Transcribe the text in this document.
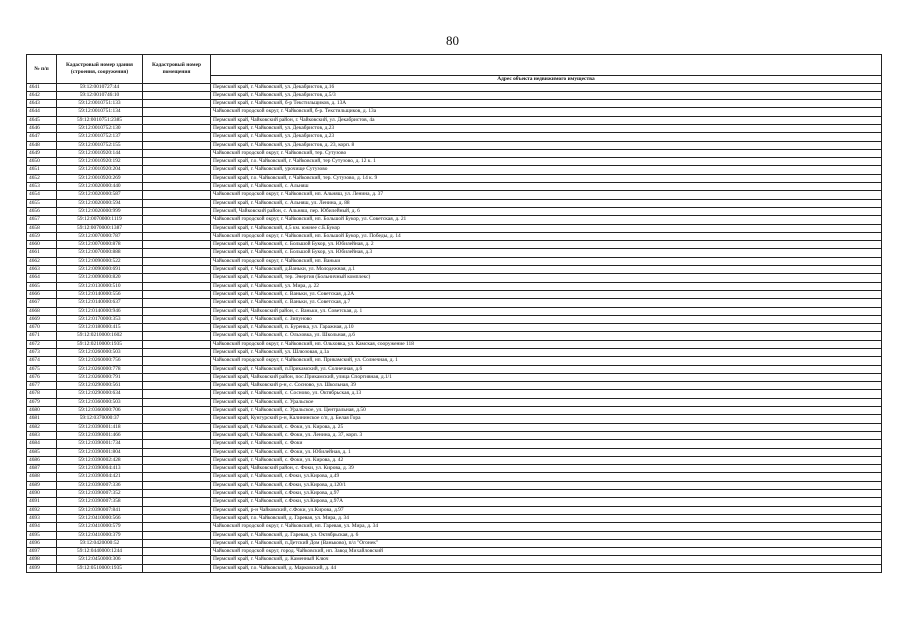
80
№ п/п	Кадастровый номер здания (строения, сооружения)	Кадастровый номер помещения	
			Адрес объекта недвижимого имущества
4641	59:12:0010727:44		Пермский край, г. Чайковский, ул. Декабристов, д.16
4642	59:12:0010746:10		Пермский край, г. Чайковский, ул. Декабристов, д.5/3
4643	59:12:0010751:133		Пермский край, г. Чайковский, б-р Текстильщиков, д. 13А
4644	59:12:0010751:134		Чайковский городской округ, г. Чайковский, б-р. Текстильщиков, д. 13а
4645	59:12:0010751:2385		Пермский край, Чайковский район, г. Чайковский, ул. Декабристов, 4а
4646	59:12:0010752:130		Пермский край, г. Чайковский, ул. Декабристов, д.23
4647	59:12:0010752:137		Пермский край, г. Чайковский, ул. Декабристов, д.23
4648	59:12:0010752:155		Пермский край, г. Чайковский, ул. Декабристов, д. 23, корп. 8
4649	59:12:0010920:144		Чайковский городской округ, г. Чайковский, тер. Сутузово
4650	59:12:0010920:192		Пермский край, г.о. Чайковский, г. Чайковский, тер Сутузово, д. 12 к. 1
4651	59:12:0010920:204		Пермский край, г. Чайковский, урочище Сутузово
4652	59:12:0010920:269		Пермский край, г.о. Чайковский, г. Чайковский, тер. Сутузово, д. 14 к. 9
4653	59:12:0020000:440		Пермский край, г. Чайковский, с. Альняш
4654	59:12:0020000:587		Чайковский городской округ, г. Чайковский, нп. Альняш, ул. Ленина, д. 37
4655	59:12:0020000:594		Пермский край, г. Чайковский, с. Альняш, ул. Ленина, д. 88
4656	59:12:0020000:999		Пермский, Чайковский район, с. Альняш, пер. Юбилейный, д. 6
4657	59:12:0070000:1119		Чайковский городской округ, г. Чайковский, нп. Большой Букор, ул. Советская, д. 21
4658	59:12:0070000:1387		Пермский край, г. Чайковский, 4,5 км. южнее с.Б.Букор
4659	59:12:0070000:787		Чайковский городской округ, г. Чайковский, нп. Большой Букор, ул. Победы, д. 14
4660	59:12:0070000:878		Пермский край, г. Чайковский, с. Большой Букор, ул. Юбилейная, д. 2
4661	59:12:0070000:888		Пермский край, г. Чайковский, с. Большой Букор, ул. Юбилейная, д.3
4662	59:12:0090000:522		Чайковский городской округ, г. Чайковский, нп. Ваньки
4663	59:12:0090000:691		Пермский край, г. Чайковский, д.Ваньки, ул. Молодежная, д.1
4664	59:12:0090000:820		Пермский край, г. Чайковский, тер. Энергия (Больничный комплекс)
4665	59:12:0130000:510		Пермский край, г. Чайковский, ул. Мира, д. 22
4666	59:12:0140000:556		Пермский край, г. Чайковский, с. Ваньки, ул. Советская, д.2А
4667	59:12:0140000:637		Пермский край, г. Чайковский, с. Ваньки, ул. Советская, д.7
4668	59:12:0140000:946		Пермский край, Чайковский район, с. Ваньки, ул. Советская, д. 1
4669	59:12:0170000:353		Пермский край, г. Чайковский, с. Зипуново
4670	59:12:0180000:415		Пермский край, г. Чайковский, п. Буренка, ул. Гаражная, д.10
4671	59:12:0210000:1602		Пермский край, г. Чайковский, с. Ольховка, ул. Школьная, д.6
4672	59:12:0210000:1935		Чайковский городской округ, г. Чайковский, нп. Ольховка, ул. Камская, сооружение 118
4673	59:12:0260000:503		Пермский край, г. Чайковский, ул. Шлюзовая, д.1а
4674	59:12:0260000:756		Чайковский городской округ, г. Чайковский, нп. Прикамский, ул. Солнечная, д. 1
4675	59:12:0260000:778		Пермский край, г. Чайковский, п.Прикамский, ул. Солнечная, д.6
4676	59:12:0260000:791		Пермский край, Чайковский район, пос.Прикамский, улица Спортивная, д.1/1
4677	59:12:0290000:561		Пермский край, Чайковский р-н, с. Сосново, ул. Школьная, 39
4678	59:12:0290000:634		Пермский край, г. Чайковский, с. Сосново, ул. Октябрьская, д.13
4679	59:12:0360000:503		Пермский край, г. Чайковский, с. Уральское
4680	59:12:0360000:706		Пермский край, г. Чайковский, с. Уральское, ул. Центральная, д.50
4681	59:12:0370000:37		Пермский край, Кунгурский р-н, Калининское с/п, д. Белая Гора
4682	59:12:0390001:418		Пермский край, г. Чайковский, с. Фоки, ул. Кирова, д. 25
4683	59:12:0390001:466		Пермский край, г. Чайковский, с. Фоки, ул. Ленина, д. 37, корп. 3
4684	59:12:0390001:734		Пермский край, г. Чайковский, с. Фоки
4685	59:12:0390001:804		Пермский край, г. Чайковский, с. Фоки, ул. Юбилейная, д. 1
4686	59:12:0390002:428		Пермский край, г. Чайковский, с. Фоки, ул. Кирова, д. 42
4687	59:12:0390004:413		Пермский край, Чайковский район, с. Фоки, ул. Кирова, д. 39
4688	59:12:0390004:421		Пермский край, г. Чайковский, с.Фоки, ул.Кирова, д.49
4689	59:12:0390007:336		Пермский край, г. Чайковский, с.Фоки, ул.Кирова, д.120/1
4690	59:12:0390007:352		Пермский край, г. Чайковский, с.Фоки, ул.Кирова, д.97
4691	59:12:0390007:358		Пермский край, г. Чайковский, с.Фоки, ул.Кирова, д.97А
4692	59:12:0390007:841		Пермский край, р-н Чайковский, с.Фоки, ул.Кирова, д.97
4693	59:12:0410000:566		Пермский край, г.о. Чайковский, д. Гаревая, ул. Мира, д. 34
4694	59:12:0410000:579		Чайковский городской округ, г. Чайковский, нп. Гаревая, ул. Мира, д. 34
4695	59:12:0410000:379		Пермский край, г. Чайковский, д. Гаревая, ул. Октябрьская, д. 6
4696	59:12:0420000:52		Пермский край, г. Чайковский, п.Детский Дом (Ваньково), п/л "Огонек"
4697	59:12:0440000:1244		Чайковский городской округ, город. Чайковский, нп. Завод Михайловский
4698	59:12:0450000:306		Пермский край, г. Чайковский, д. Каменный Ключ
4699	59:12:0510000:1935		Пермский край, г.о. Чайковский, д. Марковский, д. 44
